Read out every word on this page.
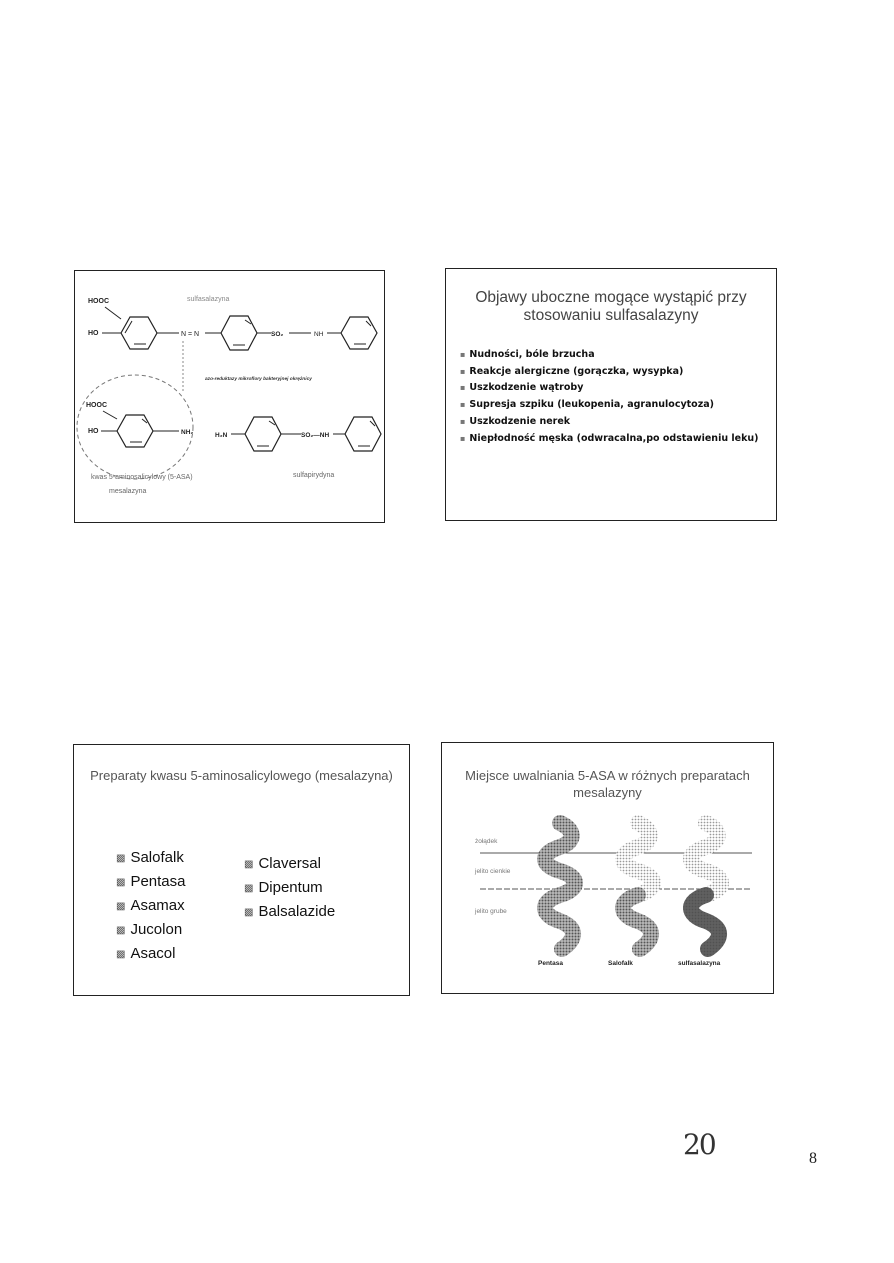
HOOC	sulfasalazyna
HO	N = N	SO₂	NH
azo-reduktazy mikroflory bakteryjnej okrężnicy
HOOC
HO	NH₂	H₂N	SO₂—NH
kwas 5-aminosalicylowy (5-ASA)
mesalazyna
sulfapirydyna
Objawy uboczne mogące wystąpić przy stosowaniu sulfasalazyny
▪ Nudności, bóle brzucha
▪ Reakcje alergiczne (gorączka, wysypka)
▪ Uszkodzenie wątroby
▪ Supresja szpiku (leukopenia, agranulocytoza)
▪ Uszkodzenie nerek
▪ Niepłodność męska (odwracalna,po odstawieniu leku)
Preparaty kwasu 5-aminosalicylowego (mesalazyna)
▩ Salofalk
▩ Pentasa
▩ Asamax
▩ Jucolon
▩ Asacol
▩ Claversal
▩ Dipentum
▩ Balsalazide
Miejsce uwalniania 5-ASA w różnych preparatach mesalazyny
żołądek
jelito cienkie
jelito grube
Pentasa	Salofalk	sulfasalazyna
20	8
